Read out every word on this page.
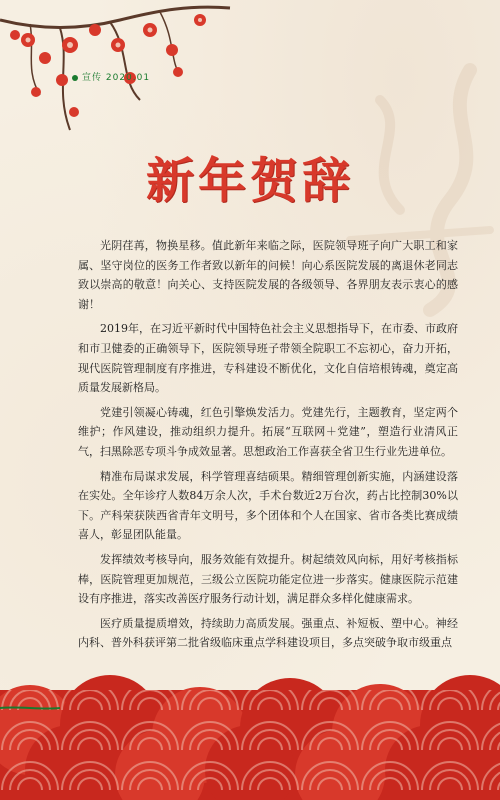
宣传 2020.01
新年贺辞

光阴荏苒，物换星移。值此新年来临之际，医院领导班子向广大职工和家属、坚守岗位的医务工作者致以新年的问候！向心系医院发展的离退休老同志致以崇高的敬意！向关心、支持医院发展的各级领导、各界朋友表示衷心的感谢！

2019年，在习近平新时代中国特色社会主义思想指导下，在市委、市政府和市卫健委的正确领导下，医院领导班子带领全院职工不忘初心，奋力开拓，现代医院管理制度有序推进，专科建设不断优化，文化自信培根铸魂，奠定高质量发展新格局。

党建引领凝心铸魂，红色引擎焕发活力。党建先行，主题教育，坚定两个维护；作风建设，推动组织力提升。拓展“互联网＋党建”，塑造行业清风正气，扫黑除恶专项斗争成效显著。思想政治工作喜获全省卫生行业先进单位。

精准布局谋求发展，科学管理喜结硕果。精细管理创新实施，内涵建设落在实处。全年诊疗人数84万余人次，手术台数近2万台次，药占比控制30%以下。产科荣获陕西省青年文明号，多个团体和个人在国家、省市各类比赛成绩喜人，彰显团队能量。

发挥绩效考核导向，服务效能有效提升。树起绩效风向标，用好考核指标棒，医院管理更加规范，三级公立医院功能定位进一步落实。健康医院示范建设有序推进，落实改善医疗服务行动计划，满足群众多样化健康需求。

医疗质量提质增效，持续助力高质发展。强重点、补短板、塑中心。神经内科、普外科获评第二批省级临床重点学科建设项目，多点突破争取市级重点
